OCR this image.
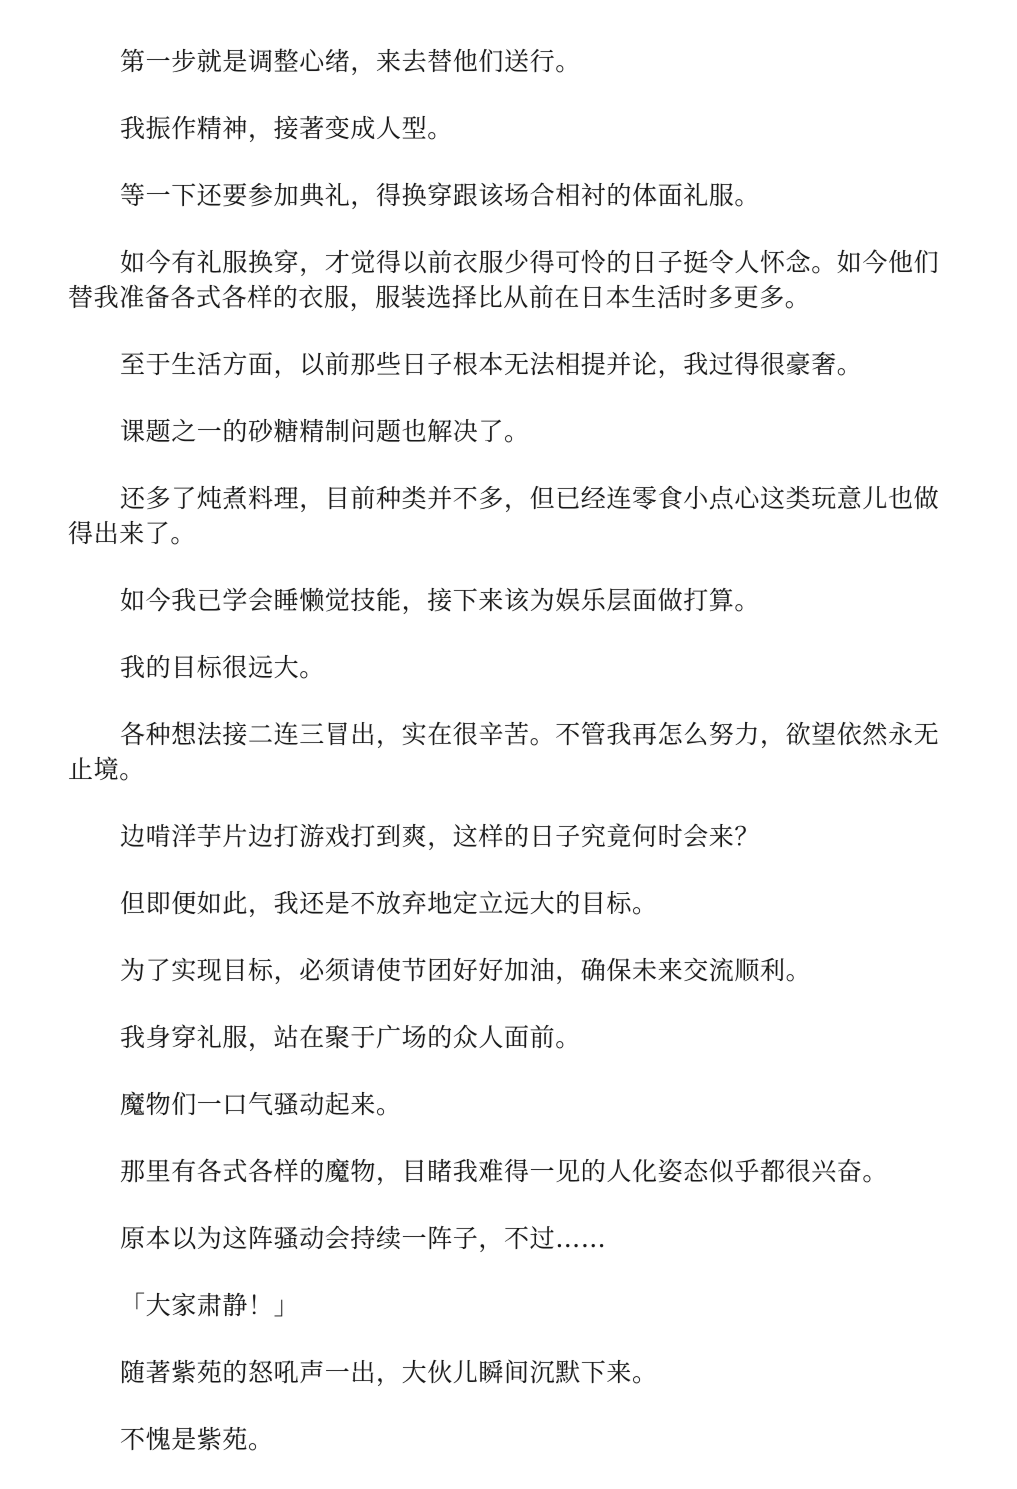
第一步就是调整心绪，来去替他们送行。

我振作精神，接著变成人型。

等一下还要参加典礼，得换穿跟该场合相衬的体面礼服。

如今有礼服换穿，才觉得以前衣服少得可怜的日子挺令人怀念。如今他们替我准备各式各样的衣服，服装选择比从前在日本生活时多更多。

至于生活方面，以前那些日子根本无法相提并论，我过得很豪奢。

课题之一的砂糖精制问题也解决了。

还多了炖煮料理，目前种类并不多，但已经连零食小点心这类玩意儿也做得出来了。

如今我已学会睡懒觉技能，接下来该为娱乐层面做打算。

我的目标很远大。

各种想法接二连三冒出，实在很辛苦。不管我再怎么努力，欲望依然永无止境。

边啃洋芋片边打游戏打到爽，这样的日子究竟何时会来？

但即便如此，我还是不放弃地定立远大的目标。

为了实现目标，必须请使节团好好加油，确保未来交流顺利。

我身穿礼服，站在聚于广场的众人面前。

魔物们一口气骚动起来。

那里有各式各样的魔物，目睹我难得一见的人化姿态似乎都很兴奋。

原本以为这阵骚动会持续一阵子，不过……

「大家肃静！」

随著紫苑的怒吼声一出，大伙儿瞬间沉默下来。

不愧是紫苑。
